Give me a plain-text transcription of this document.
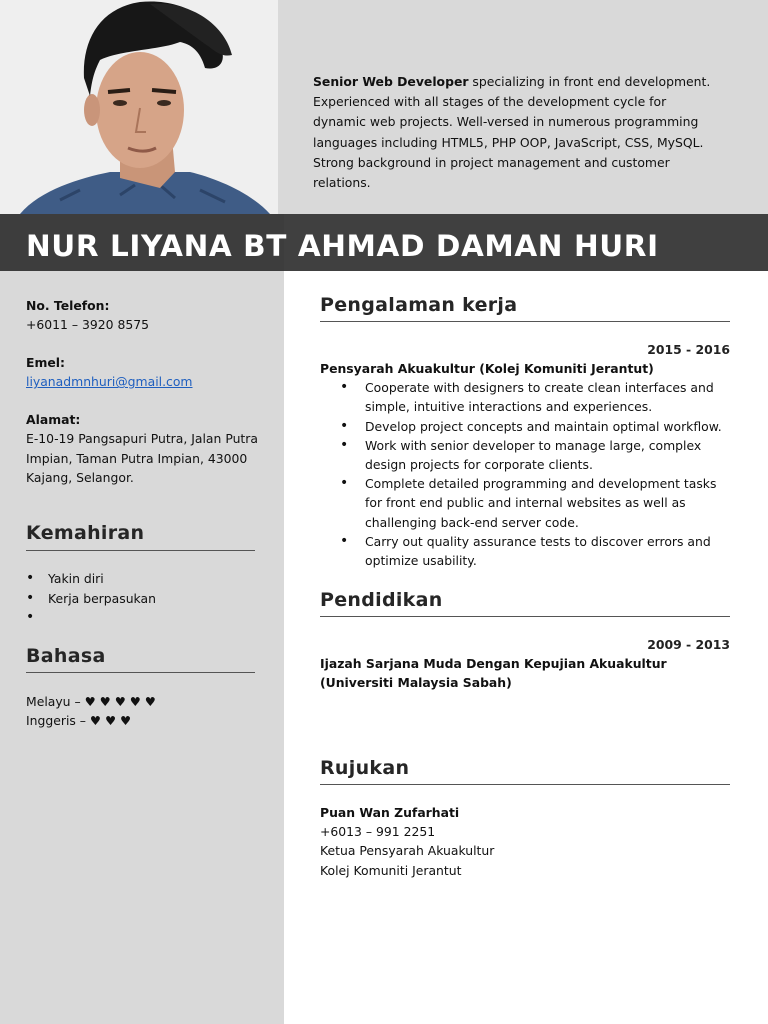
Senior Web Developer specializing in front end development. Experienced with all stages of the development cycle for dynamic web projects. Well-versed in numerous programming languages including HTML5, PHP OOP, JavaScript, CSS, MySQL. Strong background in project management and customer relations.
NUR LIYANA BT AHMAD DAMAN HURI
No. Telefon:
+6011 – 3920 8575
Emel:
liyanadmnhuri@gmail.com
Alamat:
E-10-19 Pangsapuri Putra, Jalan Putra Impian, Taman Putra Impian, 43000 Kajang, Selangor.
Kemahiran
• Yakin diri
• Kerja berpasukan
•
Bahasa
Melayu – ♥ ♥ ♥ ♥ ♥
Inggeris – ♥ ♥ ♥
Pengalaman kerja
2015 - 2016
Pensyarah Akuakultur (Kolej Komuniti Jerantut)
• Cooperate with designers to create clean interfaces and simple, intuitive interactions and experiences.
• Develop project concepts and maintain optimal workflow.
• Work with senior developer to manage large, complex design projects for corporate clients.
• Complete detailed programming and development tasks for front end public and internal websites as well as challenging back-end server code.
• Carry out quality assurance tests to discover errors and optimize usability.
Pendidikan
2009 - 2013
Ijazah Sarjana Muda Dengan Kepujian Akuakultur
(Universiti Malaysia Sabah)
Rujukan
Puan Wan Zufarhati
+6013 – 991 2251
Ketua Pensyarah Akuakultur
Kolej Komuniti Jerantut
